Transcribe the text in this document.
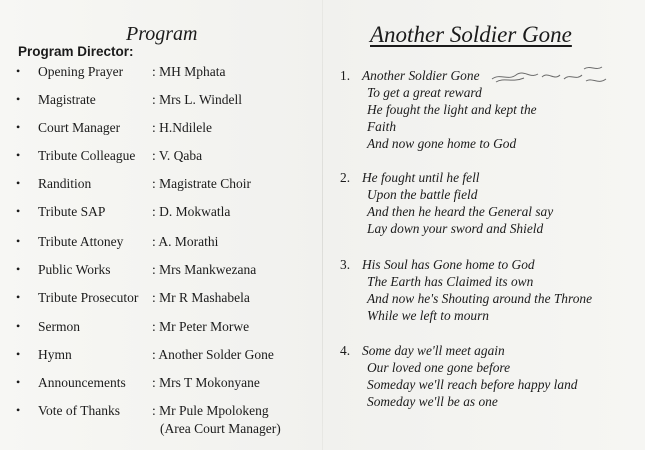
Program
Program Director:
• Opening Prayer : MH Mphata
• Magistrate	: Mrs L. Windell
• Court Manager : H.Ndilele
• Tribute Colleague : V. Qaba
• Randition	: Magistrate Choir
• Tribute SAP	: D. Mokwatla
• Tribute Attoney : A. Morathi
• Public Works	: Mrs Mankwezana
• Tribute Prosecutor : Mr R Mashabela
• Sermon	: Mr Peter Morwe
• Hymn	: Another Solder Gone
• Announcements : Mrs T Mokonyane
• Vote of Thanks : Mr Pule Mpolokeng
(Area Court Manager)
Another Soldier Gone
1. Another Soldier Gone
To get a great reward
He fought the light and kept the
Faith
And now gone home to God
2. He fought until he fell
Upon the battle field
And then he heard the General say
Lay down your sword and Shield
3. His Soul has Gone home to God
The Earth has Claimed its own
And now he's Shouting around the Throne
While we left to mourn
4. Some day we'll meet again
Our loved one gone before
Someday we'll reach before happy land
Someday we'll be as one
